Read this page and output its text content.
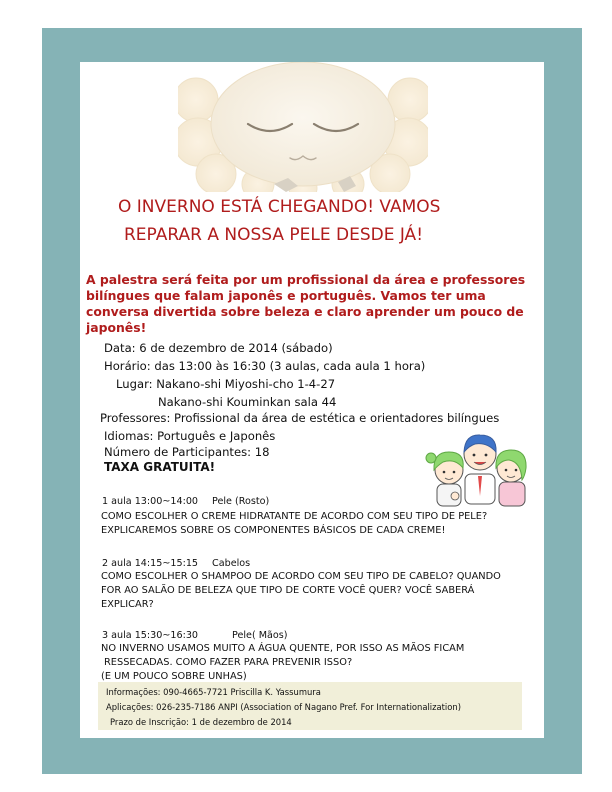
O INVERNO ESTÁ CHEGANDO! VAMOS
REPARAR A NOSSA PELE DESDE JÁ!
A palestra será feita por um profissional da área e professores bilíngues que falam japonês e português. Vamos ter uma conversa divertida sobre beleza e claro aprender um pouco de japonês!
Data: 6 de dezembro de 2014 (sábado)
Horário: das 13:00 às 16:30 (3 aulas, cada aula 1 hora)
Lugar: Nakano-shi Miyoshi-cho 1-4-27
Nakano-shi Kouminkan sala 44
Professores: Profissional da área de estética e orientadores bilíngues
Idiomas: Português e Japonês
Número de Participantes: 18
TAXA GRATUITA!
1 aula 13:00~14:00 Pele (Rosto)
COMO ESCOLHER O CREME HIDRATANTE DE ACORDO COM SEU TIPO DE PELE? EXPLICAREMOS SOBRE OS COMPONENTES BÁSICOS DE CADA CREME!
2 aula 14:15~15:15 Cabelos
COMO ESCOLHER O SHAMPOO DE ACORDO COM SEU TIPO DE CABELO? QUANDO FOR AO SALÃO DE BELEZA QUE TIPO DE CORTE VOCÊ QUER? VOCÊ SABERÁ EXPLICAR?
3 aula 15:30~16:30	Pele( Mãos)
NO INVERNO USAMOS MUITO A ÁGUA QUENTE, POR ISSO AS MÃOS FICAM
RESSECADAS. COMO FAZER PARA PREVENIR ISSO?
(E UM POUCO SOBRE UNHAS)
Informações: 090-4665-7721 Priscilla K. Yassumura
Aplicações: 026-235-7186 ANPI (Association of Nagano Pref. For Internationalization)
Prazo de Inscrição: 1 de dezembro de 2014
